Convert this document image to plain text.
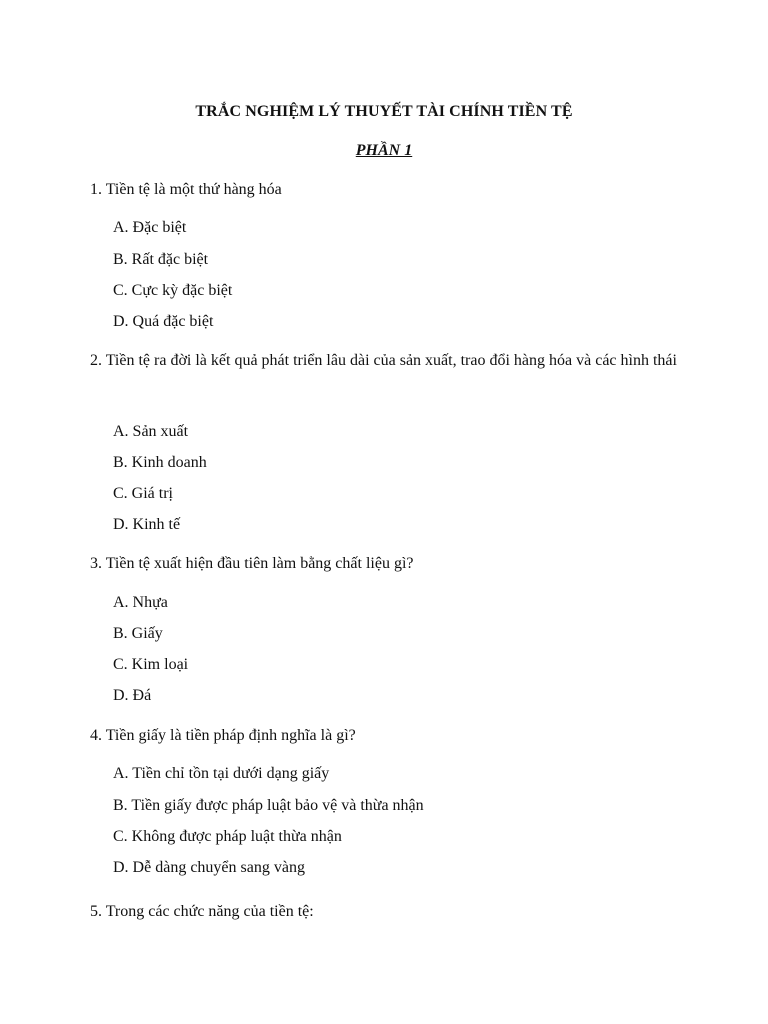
TRẮC NGHIỆM LÝ THUYẾT TÀI CHÍNH TIỀN TỆ
PHẦN 1

1. Tiền tệ là một thứ hàng hóa

A. Đặc biệt

B. Rất đặc biệt

C. Cực kỳ đặc biệt

D. Quá đặc biệt

2. Tiền tệ ra đời là kết quả phát triển lâu dài của sản xuất, trao đổi hàng hóa và các hình thái

A. Sản xuất

B. Kinh doanh

C. Giá trị

D. Kinh tế

3. Tiền tệ xuất hiện đầu tiên làm bằng chất liệu gì?

A. Nhựa

B. Giấy

C. Kim loại

D. Đá

4. Tiền giấy là tiền pháp định nghĩa là gì?

A. Tiền chỉ tồn tại dưới dạng giấy

B. Tiền giấy được pháp luật bảo vệ và thừa nhận

C. Không được pháp luật thừa nhận

D. Dễ dàng chuyển sang vàng

5. Trong các chức năng của tiền tệ:
